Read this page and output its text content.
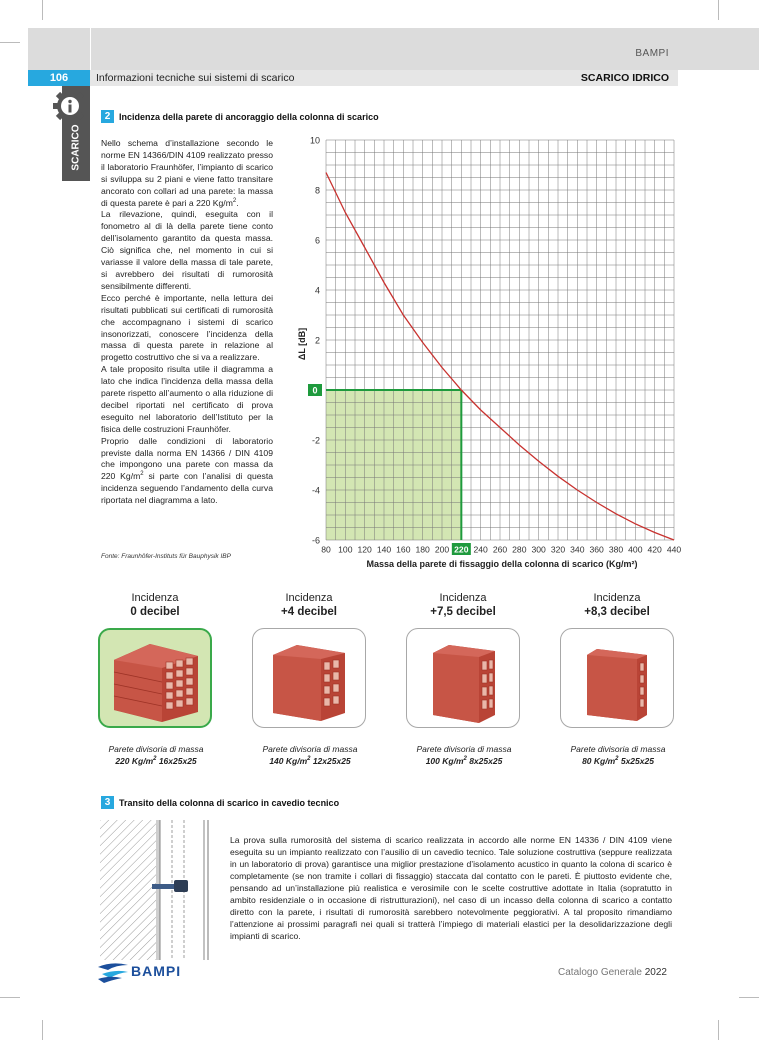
BAMPI
106	Informazioni tecniche sui sistemi di scarico	SCARICO IDRICO
SCARICO
2 Incidenza della parete di ancoraggio della colonna di scarico

Nello schema d’installazione secondo le norme EN 14366/DIN 4109 realizzato presso il laboratorio Fraunhöfer, l’impianto di scarico si sviluppa su 2 piani e viene fatto transitare ancorato con collari ad una parete: la massa di questa parete è pari a 220 $Kg/m^2$.

La rilevazione, quindi, eseguita con il fonometro al di là della parete tiene conto dell’isolamento garantito da questa massa. Ciò significa che, nel momento in cui si variasse il valore della massa di tale parete, si avrebbero dei risultati di rumorosità sensibilmente differenti.

Ecco perché è importante, nella lettura dei risultati pubblicati sui certificati di rumorosità che accompagnano i sistemi di scarico insonorizzati, conoscere l’incidenza della massa di questa parete in relazione al progetto costruttivo che si va a realizzare.

A tale proposito risulta utile il diagramma a lato che indica l’incidenza della massa della parete rispetto all’aumento o alla riduzione di decibel riportati nel certificato di prova eseguito nel laboratorio dell’Istituto per la fisica delle costruzioni Fraunhöfer.

Proprio dalle condizioni di laboratorio previste dalla norma EN 14366 / DIN 4109 che impongono una parete con massa da 220 $Kg/m^2$ si parte con l’analisi di questa incidenza seguendo l’andamento della curva riportata nel diagramma a lato.

Fonte: Fraunhöfer-Instituts für Bauphysik IBP
10
8
6
4
2
0
-2
-4
-6
80 100 120 140 160 180 200 220 240 260 280 300 320 340 360 380 400 420 440
ΔL [dB]
Massa della parete di fissaggio della colonna di scarico (Kg/m²)
Incidenza
0 decibel
Parete divisoria di massa
220 $Kg/m^2$ 16x25x25
Incidenza
+4 decibel
Parete divisoria di massa
140 $Kg/m^2$ 12x25x25
Incidenza
+7,5 decibel
Parete divisoria di massa
100 $Kg/m^2$ 8x25x25
Incidenza
+8,3 decibel
Parete divisoria di massa
80 $Kg/m^2$ 5x25x25
3 Transito della colonna di scarico in cavedio tecnico
La prova sulla rumorosità del sistema di scarico realizzata in accordo alle norme EN 14336 / DIN 4109 viene eseguita su un impianto realizzato con l’ausilio di un cavedio tecnico. Tale soluzione costruttiva (seppure realizzata in un laboratorio di prova) garantisce una miglior prestazione d’isolamento acustico in quanto la colona di scarico è completamente (se non tramite i collari di fissaggio) staccata dal contatto con le pareti. È piuttosto evidente che, pensando ad un’installazione più realistica e verosimile con le scelte costruttive adottate in Italia (sopratutto in ambito residenziale o in occasione di ristrutturazioni), nel caso di un incasso della colonna di scarico a contatto diretto con la parete, i risultati di rumorosità sarebbero notevolmente peggiorativi. A tal proposito rimandiamo l’attenzione ai prossimi paragrafi nei quali si tratterà l’impiego di materiali elastici per la desolidarizzazione degli impianti di scarico.
BAMPI	Catalogo Generale 2022
